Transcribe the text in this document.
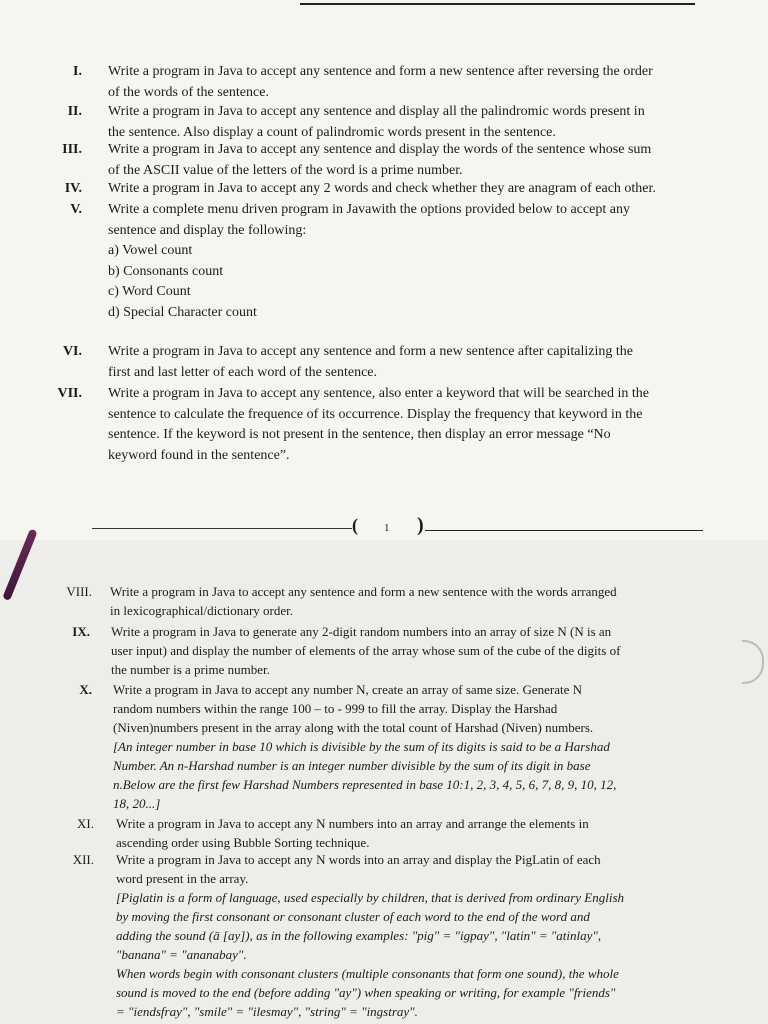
I. Write a program in Java to accept any sentence and form a new sentence after reversing the order

of the words of the sentence.

II. Write a program in Java to accept any sentence and display all the palindromic words present in

the sentence. Also display a count of palindromic words present in the sentence.

III. Write a program in Java to accept any sentence and display the words of the sentence whose sum

of the ASCII value of the letters of the word is a prime number.

IV. Write a program in Java to accept any 2 words and check whether they are anagram of each other.

V. Write a complete menu driven program in Javawith the options provided below to accept any

sentence and display the following:

a) Vowel count

b) Consonants count

c) Word Count

d) Special Character count

VI. Write a program in Java to accept any sentence and form a new sentence after capitalizing the

first and last letter of each word of the sentence.

VII. Write a program in Java to accept any sentence, also enter a keyword that will be searched in the

sentence to calculate the frequence of its occurrence. Display the frequency that keyword in the

sentence. If the keyword is not present in the sentence, then display an error message “No

keyword found in the sentence”.

( 1 )
VIII. Write a program in Java to accept any sentence and form a new sentence with the words arranged

in lexicographical/dictionary order.

IX. Write a program in Java to generate any 2-digit random numbers into an array of size N (N is an

user input) and display the number of elements of the array whose sum of the cube of the digits of

the number is a prime number.

X. Write a program in Java to accept any number N, create an array of same size. Generate N

random numbers within the range 100 – to - 999 to fill the array. Display the Harshad

(Niven)numbers present in the array along with the total count of Harshad (Niven) numbers.

[An integer number in base 10 which is divisible by the sum of its digits is said to be a Harshad

Number. An n-Harshad number is an integer number divisible by the sum of its digit in base

n.Below are the first few Harshad Numbers represented in base 10:1, 2, 3, 4, 5, 6, 7, 8, 9, 10, 12,

18, 20...]

XI. Write a program in Java to accept any N numbers into an array and arrange the elements in

ascending order using Bubble Sorting technique.

XII. Write a program in Java to accept any N words into an array and display the PigLatin of each

word present in the array.

[Piglatin is a form of language, used especially by children, that is derived from ordinary English

by moving the first consonant or consonant cluster of each word to the end of the word and

adding the sound (ā [ay]), as in the following examples: "pig" = "igpay", "latin" = "atinlay",

"banana" = "ananabay".

When words begin with consonant clusters (multiple consonants that form one sound), the whole

sound is moved to the end (before adding "ay") when speaking or writing, for example "friends"

= "iendsfray", "smile" = "ilesmay", "string" = "ingstray".
